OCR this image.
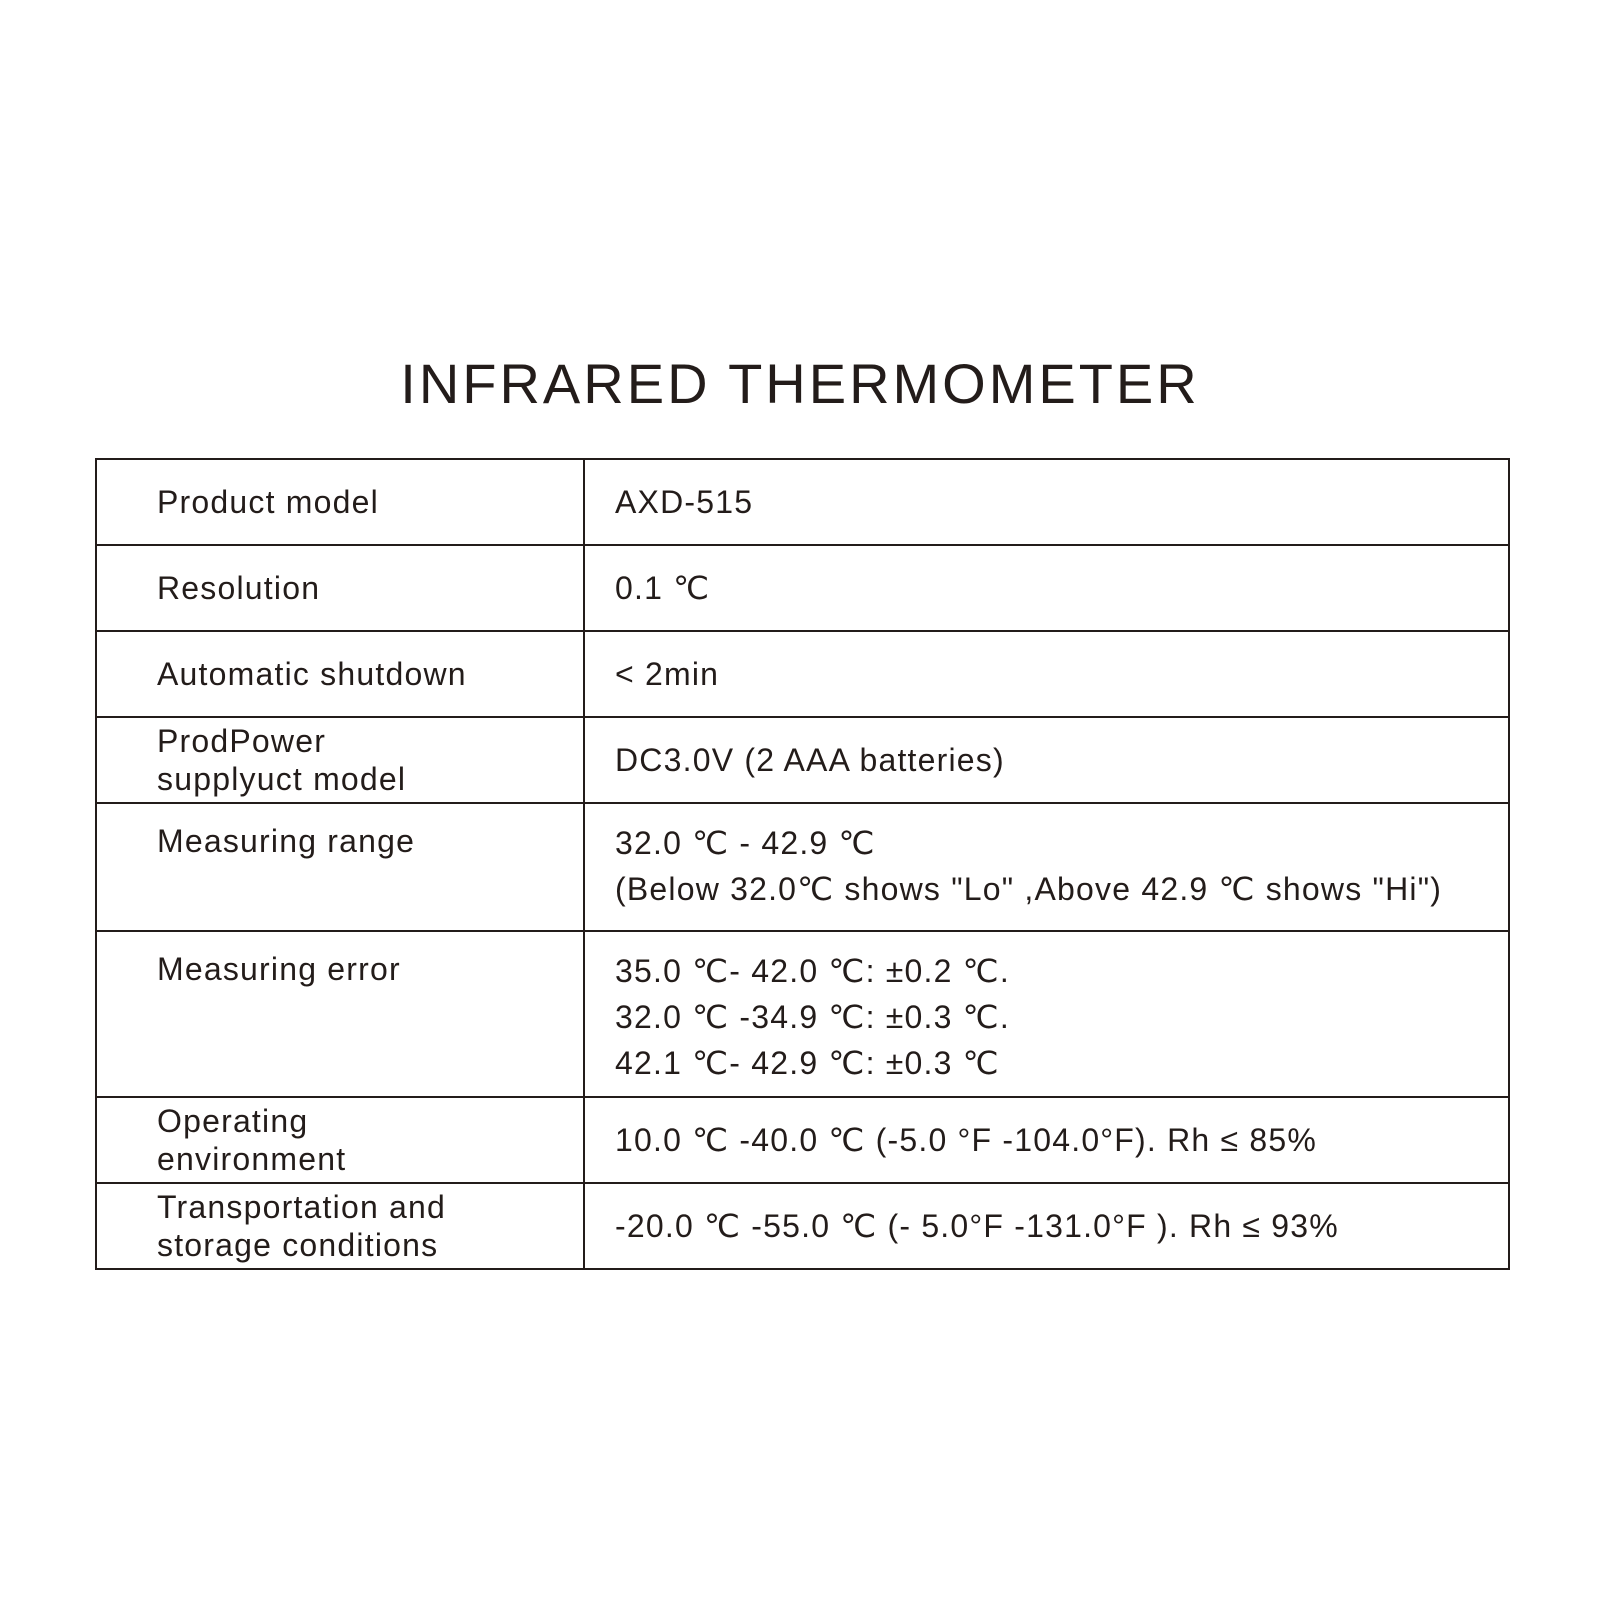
INFRARED THERMOMETER
Product model	AXD-515

Resolution	0.1 ℃

Automatic shutdown	< 2min

ProdPower
supplyuct model	DC3.0V (2 AAA batteries)

Measuring range	32.0 ℃ - 42.9 ℃
(Below 32.0℃ shows "Lo" ,Above 42.9 ℃ shows "Hi")

Measuring error	35.0 ℃- 42.0 ℃: ±0.2 ℃.
32.0 ℃ -34.9 ℃: ±0.3 ℃.
42.1 ℃- 42.9 ℃: ±0.3 ℃

Operating
environment	10.0 ℃ -40.0 ℃ (-5.0 °F -104.0°F). Rh ≤ 85%

Transportation and
storage conditions	-20.0 ℃ -55.0 ℃ (- 5.0°F -131.0°F ). Rh ≤ 93%
